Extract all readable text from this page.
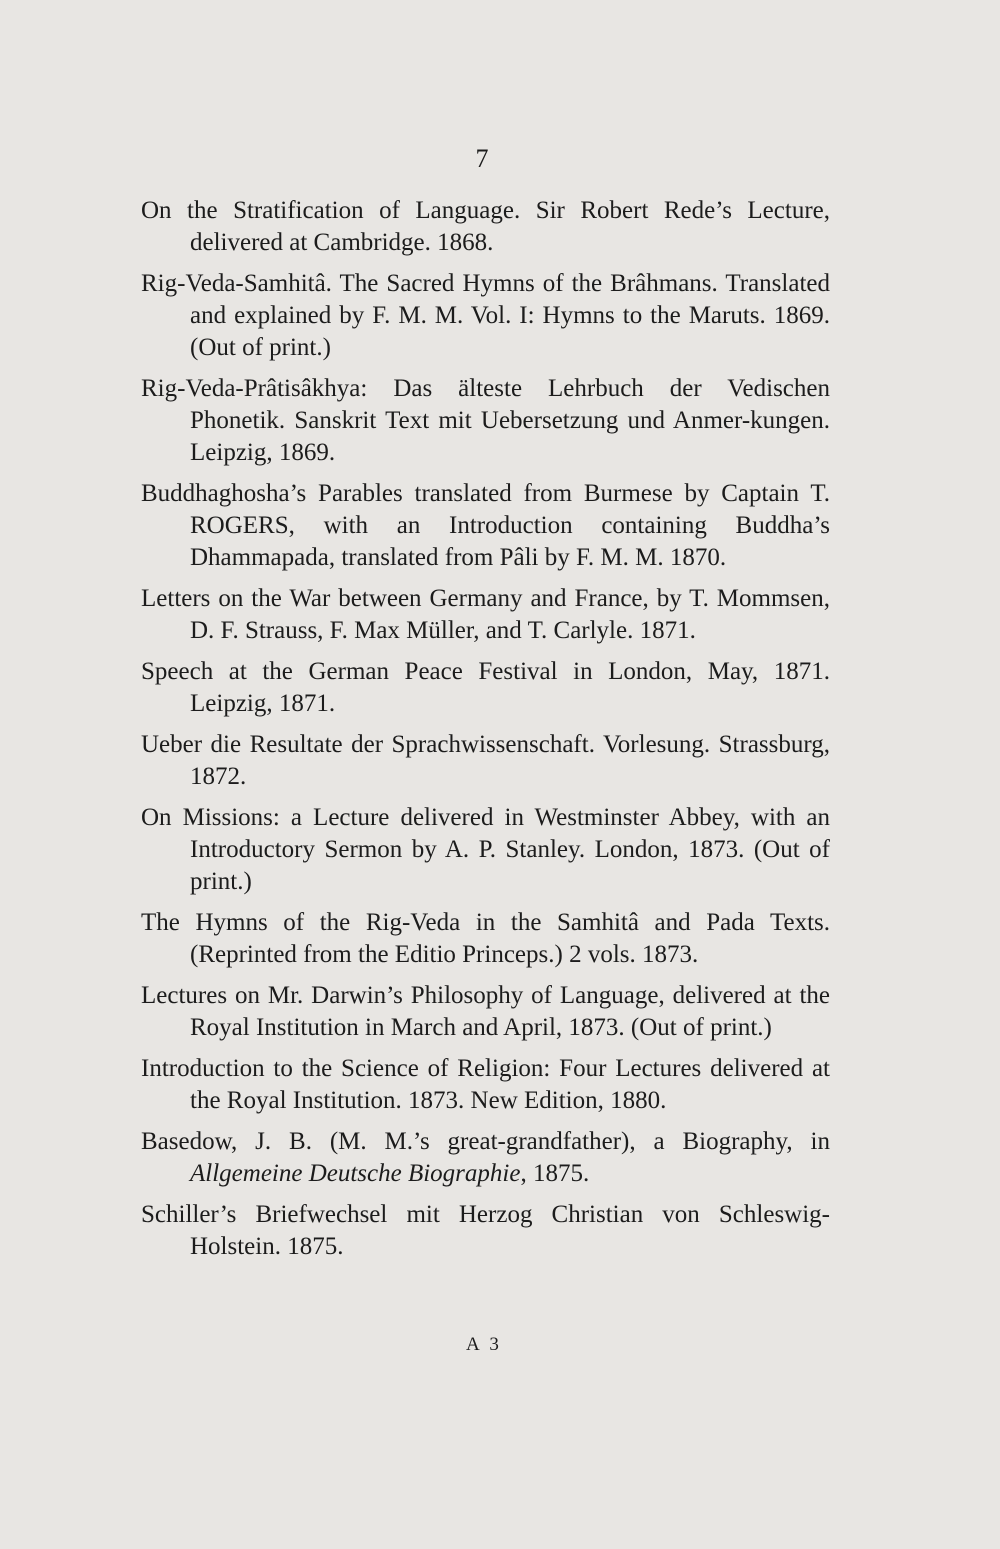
7
On the Stratification of Language. Sir Robert Rede’s Lecture, delivered at Cambridge. 1868.
Rig-Veda-Samhitâ. The Sacred Hymns of the Brâhmans. Translated and explained by F. M. M. Vol. I: Hymns to the Maruts. 1869. (Out of print.)
Rig-Veda-Prâtisâkhya: Das älteste Lehrbuch der Vedischen Phonetik. Sanskrit Text mit Uebersetzung und Anmer-kungen. Leipzig, 1869.
Buddhaghosha’s Parables translated from Burmese by Captain T. ROGERS, with an Introduction containing Buddha’s Dhammapada, translated from Pâli by F. M. M. 1870.
Letters on the War between Germany and France, by T. Mommsen, D. F. Strauss, F. Max Müller, and T. Carlyle. 1871.
Speech at the German Peace Festival in London, May, 1871. Leipzig, 1871.
Ueber die Resultate der Sprachwissenschaft. Vorlesung. Strassburg, 1872.
On Missions: a Lecture delivered in Westminster Abbey, with an Introductory Sermon by A. P. Stanley. London, 1873. (Out of print.)
The Hymns of the Rig-Veda in the Samhitâ and Pada Texts. (Reprinted from the Editio Princeps.) 2 vols. 1873.
Lectures on Mr. Darwin’s Philosophy of Language, delivered at the Royal Institution in March and April, 1873. (Out of print.)
Introduction to the Science of Religion: Four Lectures delivered at the Royal Institution. 1873. New Edition, 1880.
Basedow, J. B. (M. M.’s great-grandfather), a Biography, in Allgemeine Deutsche Biographie, 1875.
Schiller’s Briefwechsel mit Herzog Christian von Schleswig-Holstein. 1875.
A 3
